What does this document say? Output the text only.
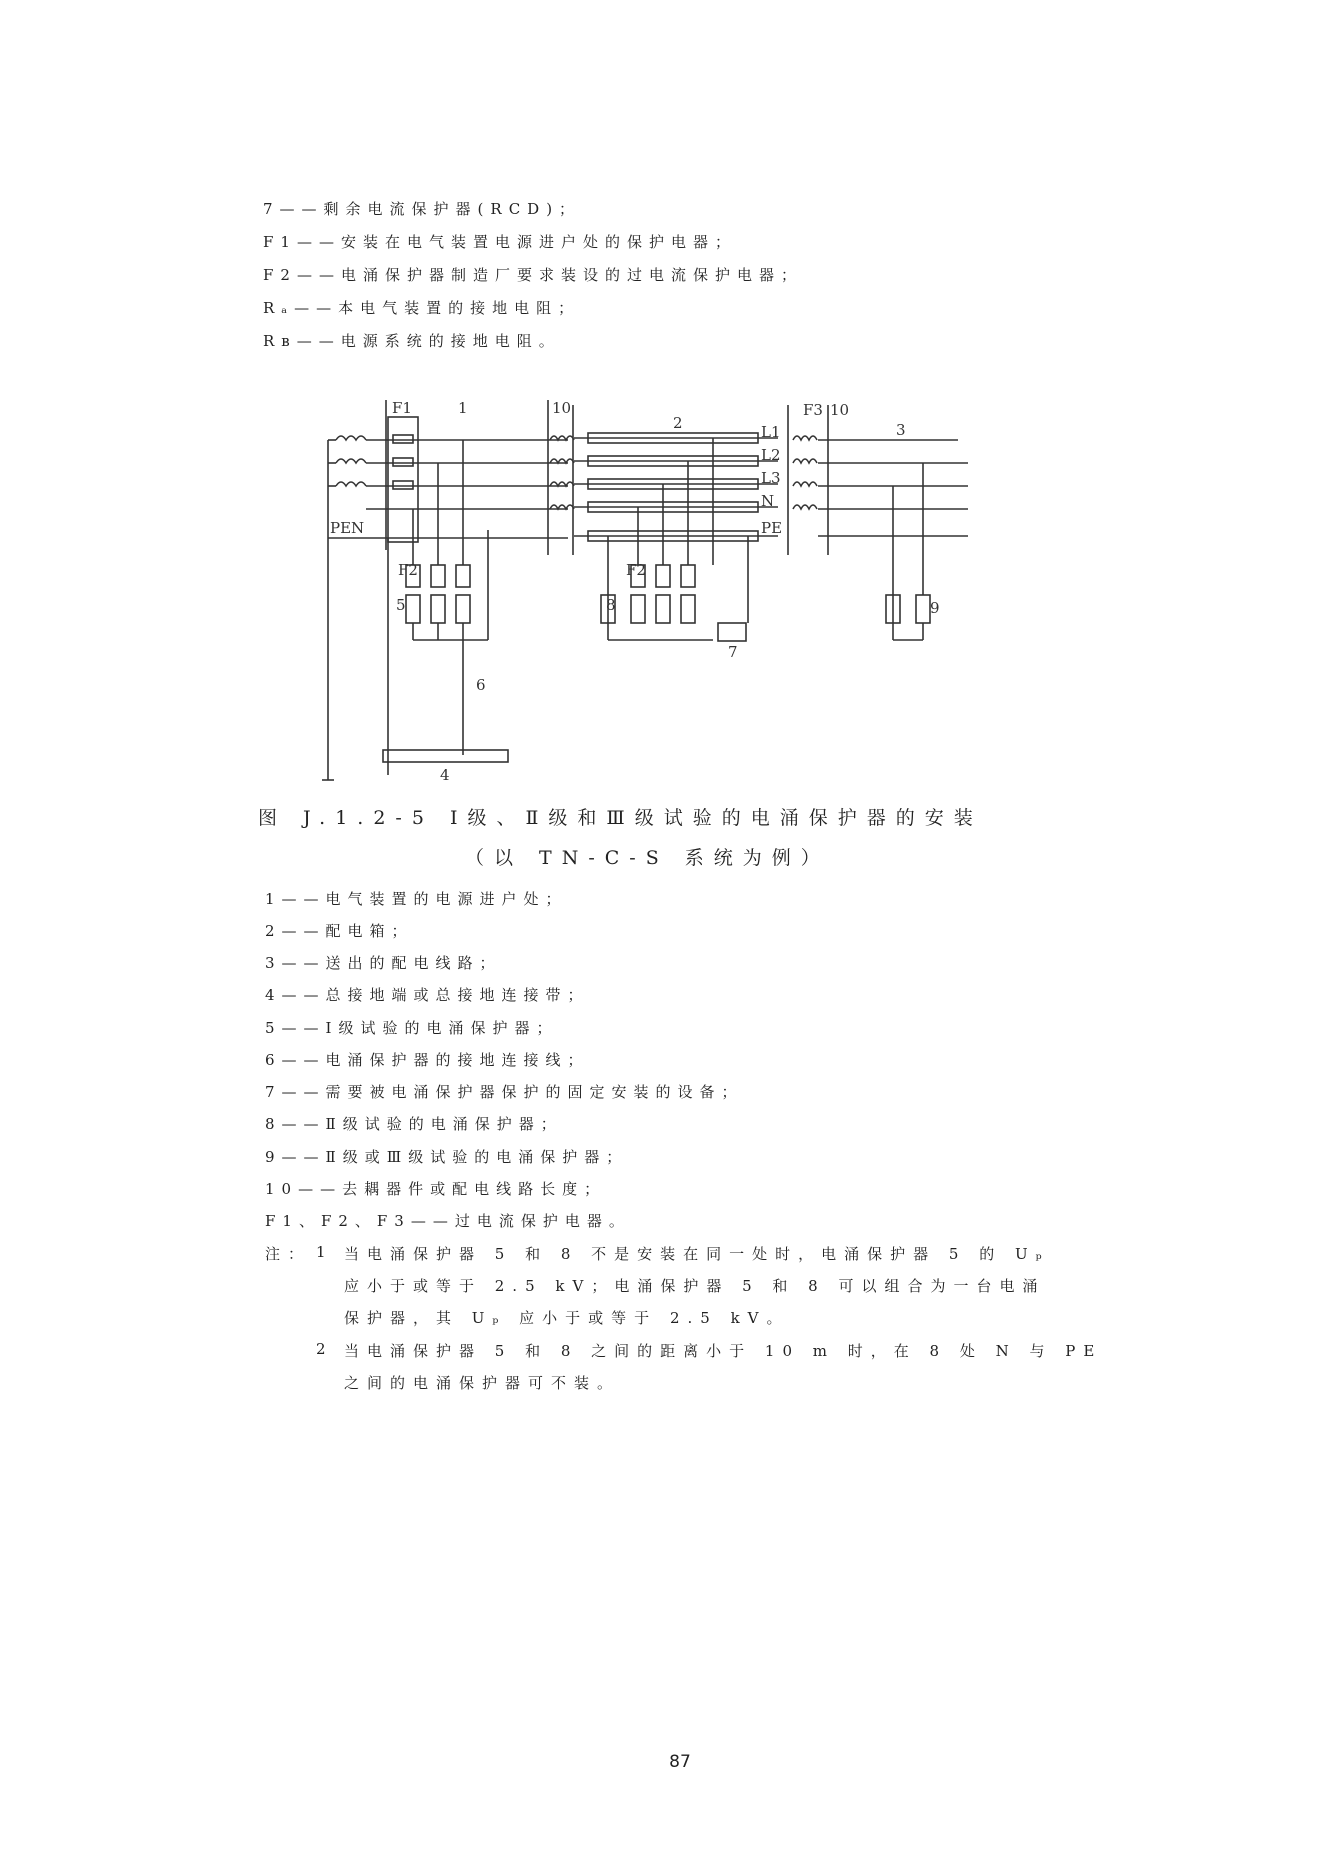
7——剩余电流保护器(RCD)；
F1——安装在电气装置电源进户处的保护电器；
F2——电涌保护器制造厂要求装设的过电流保护电器；
Rₐ——本电气装置的接地电阻；
Rв——电源系统的接地电阻。
F1	1	10
2	L1
L2
L3
N
PE
F3 10
3
PEN
F2	F2
5	8
7
9
6
4
图 J.1.2-5 Ⅰ级、Ⅱ级和Ⅲ级试验的电涌保护器的安装
（以 TN-C-S 系统为例）
1——电气装置的电源进户处；
2——配电箱；
3——送出的配电线路；
4——总接地端或总接地连接带；
5——Ⅰ级试验的电涌保护器；
6——电涌保护器的接地连接线；
7——需要被电涌保护器保护的固定安装的设备；
8——Ⅱ级试验的电涌保护器；
9——Ⅱ级或Ⅲ级试验的电涌保护器；
10——去耦器件或配电线路长度；
F1、F2、F3——过电流保护电器。
注： 1 当电涌保护器 5 和 8 不是安装在同一处时，电涌保护器 5 的 Uₚ
应小于或等于 2.5 kV；电涌保护器 5 和 8 可以组合为一台电涌
保护器，其 Uₚ 应小于或等于 2.5 kV。
2 当电涌保护器 5 和 8 之间的距离小于 10 m 时，在 8 处 N 与 PE
之间的电涌保护器可不装。
87
